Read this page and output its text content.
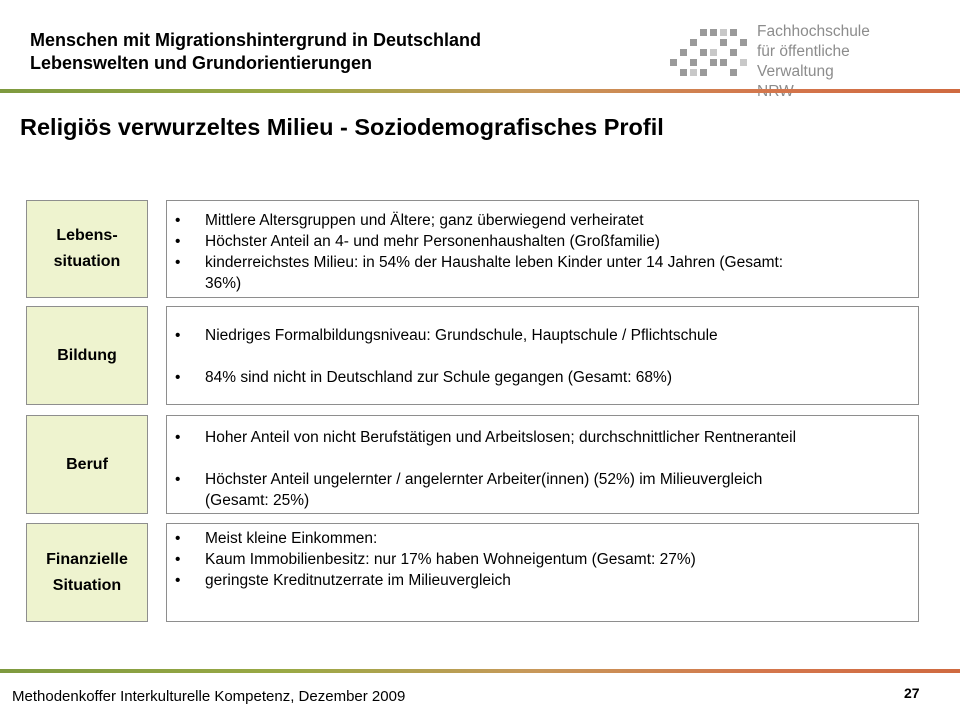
Menschen mit Migrationshintergrund in Deutschland
Lebenswelten und Grundorientierungen
Fachhochschule
für öffentliche Verwaltung
Religiös verwurzeltes Milieu - Soziodemografisches Profil
Lebens-
situation
• Mittlere Altersgruppen und Ältere; ganz überwiegend verheiratet
• Höchster Anteil an 4- und mehr Personenhaushalten (Großfamilie)
• kinderreichstes Milieu: in 54% der Haushalte leben Kinder unter 14 Jahren (Gesamt:
36%)
Bildung
• Niedriges Formalbildungsniveau: Grundschule, Hauptschule / Pflichtschule
• 84% sind nicht in Deutschland zur Schule gegangen (Gesamt: 68%)
Beruf
• Hoher Anteil von nicht Berufstätigen und Arbeitslosen; durchschnittlicher Rentneranteil
• Höchster Anteil ungelernter / angelernter Arbeiter(innen) (52%) im Milieuvergleich
(Gesamt: 25%)
Finanzielle
Situation
• Meist kleine Einkommen:
• Kaum Immobilienbesitz: nur 17% haben Wohneigentum (Gesamt: 27%)
• geringste Kreditnutzerrate im Milieuvergleich
Methodenkoffer Interkulturelle Kompetenz, Dezember 2009	27
